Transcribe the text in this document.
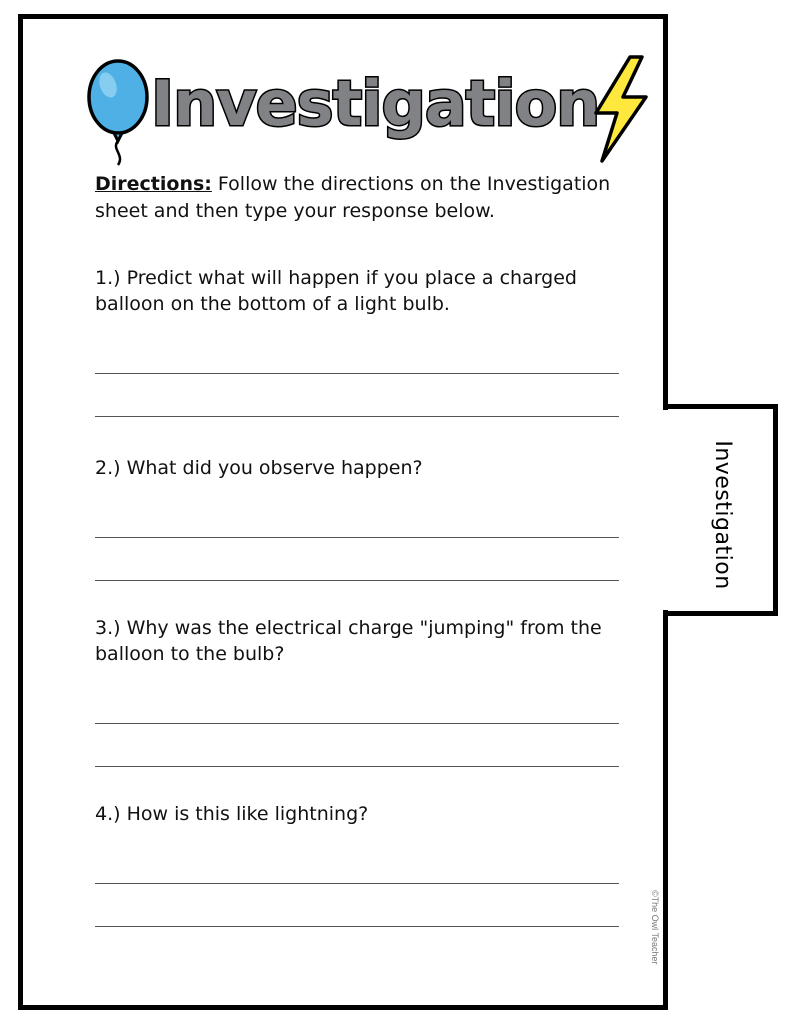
Investigation
Directions: Follow the directions on the Investigation sheet and then type your response below.
1.) Predict what will happen if you place a charged balloon on the bottom of a light bulb.
2.) What did you observe happen?
3.) Why was the electrical charge "jumping" from the balloon to the bulb?
4.) How is this like lightning?
Investigation
©The Owl Teacher
